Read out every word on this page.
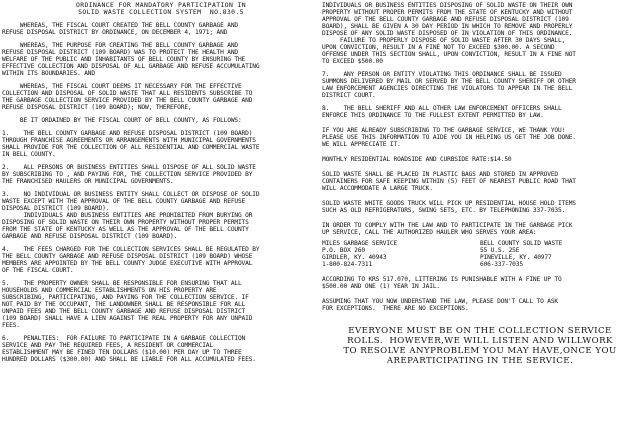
ORDINANCE FOR MANDATORY PARTICIPATION IN

SOLID WASTE COLLECTION SYSTEM  NO.830.5

WHEREAS, THE FISCAL COURT CREATED THE BELL COUNTY GARBAGE AND
REFUSE DISPOSAL DISTRICT BY ORDINANCE, ON DECEMBER 4, 1971; AND

WHEREAS, THE PURPOSE FOR CREATING THE BELL COUNTY GARBAGE AND
REFUSE DISPOSAL DISTRICT (109 BOARD) WAS TO PROTECT THE HEALTH AND
WELFARE OF THE PUBLIC AND INHABITANTS OF BELL COUNTY BY ENSURING THE
EFFECTIVE COLLECTION AND DISPOSAL OF ALL GARBAGE AND REFUSE ACCUMULATING
WITHIN ITS BOUNDARIES. AND

WHEREAS, THE FISCAL COURT DEEMS IT NECESSARY FOR THE EFFECTIVE
COLLECTION AND DISPOSAL OF SOLID WASTE THAT ALL RESIDENTS SUBSCRIBE TO
THE GARBAGE COLLECTION SERVICE PROVIDED BY THE BELL COUNTY GARBAGE AND
REFUSE DISPOSAL DISTRICT (109 BOARD); NOW, THEREFORE,

BE IT ORDAINED BY THE FISCAL COURT OF BELL COUNTY, AS FOLLOWS:

1.    THE BELL COUNTY GARBAGE AND REFUSE DISPOSAL DISTRICT (109 BOARD)
THROUGH FRANCHISE AGREEMENTS OR ARRANGEMENTS WITH MUNICIPAL GOVERNMENTS
SHALL PROVIDE FOR THE COLLECTION OF ALL RESIDENTIAL AND COMMERCIAL WASTE
IN BELL COUNTY.

2.    ALL PERSONS OR BUSINESS ENTITIES SHALL DISPOSE OF ALL SOLID WASTE
BY SUBSCRIBING TO , AND PAYING FOR, THE COLLECTION SERVICE PROVIDED BY
THE FRANCHISED HAULERS OR MUNICIPAL GOVERNMENTS.

3.    NO INDIVIDUAL OR BUSINESS ENTITY SHALL COLLECT OR DISPOSE OF SOLID
WASTE EXCEPT WITH THE APPROVAL OF THE BELL COUNTY GARBAGE AND REFUSE
DISPOSAL DISTRICT (109 BOARD).
INDIVIDUALS AND BUSINESS ENTITIES ARE PROHIBITED FROM BURYING OR
DISPOSING OF SOLID WASTE ON THEIR OWN PROPERTY WITHOUT PROPER PERMITS
FROM THE STATE OF KENTUCKY AS WELL AS THE APPROVAL OF THE BELL COUNTY
GARBAGE AND REFUSE DISPOSAL DISTRICT (109 BOARD).

4.    THE FEES CHARGED FOR THE COLLECTION SERVICES SHALL BE REGULATED BY
THE BELL COUNTY GARBAGE AND REFUSE DISPOSAL DISTRICT (109 BOARD) WHOSE
MEMBERS ARE APPOINTED BY THE BELL COUNTY JUDGE EXECUTIVE WITH APPROVAL
OF THE FISCAL COURT.

5.    THE PROPERTY OWNER SHALL BE RESPONSIBLE FOR ENSURING THAT ALL
HOUSEHOLDS AND COMMERCIAL ESTABLISHMENTS ON HIS PROPERTY ARE
SUBSCRIBING, PARTICIPATING, AND PAYING FOR THE COLLECTION SERVICE. IF
NOT PAID BY THE OCCUPANT, THE LANDOWNER SHALL BE RESPONSIBLE FOR ALL
UNPAID FEES AND THE BELL COUNTY GARBAGE AND REFUSE DISPOSAL DISTRICT
(109 BOARD) SHALL HAVE A LIEN AGAINST THE REAL PROPERTY FOR ANY UNPAID
FEES.

6.    PENALTIES:  FOR FAILURE TO PARTICIPATE IN A GARBAGE COLLECTION
SERVICE AND PAY THE REQUIRED FEES, A RESIDENT OR COMMERCIAL
ESTABLISHMENT MAY BE FINED TEN DOLLARS ($10.00) PER DAY UP TO THREE
HUNDRED DOLLARS ($300.00) AND SHALL BE LIABLE FOR ALL ACCUMULATED FEES.

INDIVIDUALS OR BUSINESS ENTITIES DISPOSING OF SOLID WASTE ON THEIR OWN
PROPERTY WITHOUT PROPER PERMITS FROM THE STATE OF KENTUCKY AND WITHOUT
APPROVAL OF THE BELL COUNTY GARBAGE AND REFUSE DISPOSAL DISTRICT (109
BOARD), SHALL BE GIVEN A 30 DAY PERIOD IN WHICH TO REMOVE AND PROPERLY
DISPOSE OF ANY SOLID WASTE DISPOSED OF IN VIOLATION OF THIS ORDINANCE.
FAILURE TO PROPERLY DISPOSE OF SOLID WASTE AFTER 30 DAYS SHALL,
UPON CONVICTION, RESULT IN A FINE NOT TO EXCEED $300.00. A SECOND
OFFENSE UNDER THIS SECTION SHALL, UPON CONVICTION, RESULT IN A FINE NOT
TO EXCEED $500.00

7.    ANY PERSON OR ENTITY VIOLATING THIS ORDINANCE SHALL BE ISSUED
SUMMONS DELIVERED BY MAIL OR SERVED BY THE BELL COUNTY SHERIFF OR OTHER
LAW ENFORCEMENT AGENCIES DIRECTING THE VIOLATORS TO APPEAR IN THE BELL
DISTRICT COURT.

8.    THE BELL SHERIFF AND ALL OTHER LAW ENFORCEMENT OFFICERS SHALL
ENFORCE THIS ORDINANCE TO THE FULLEST EXTENT PERMITTED BY LAW.

IF YOU ARE ALREADY SUBSCRIBING TO THE GARBAGE SERVICE, WE THANK YOU!
PLEASE USE THIS INFORMATION TO AIDE YOU IN HELPING US GET THE JOB DONE.
WE WILL APPRECIATE IT.

MONTHLY RESIDENTIAL ROADSIDE AND CURBSIDE RATE:$14.50

SOLID WASTE SHALL BE PLACED IN PLASTIC BAGS AND STORED IN APPROVED
CONTAINERS FOR SAFE KEEPING WITHIN (5) FEET OF NEAREST PUBLIC ROAD THAT
WILL ACCOMMODATE A LARGE TRUCK.

SOLID WASTE WHITE GOODS TRUCK WILL PICK UP RESIDENTIAL HOUSE HOLD ITEMS
SUCH AS OLD REFRIGERATORS, SWING SETS, ETC. BY TELEPHONING 337-7035.

IN ORDER TO COMPLY WITH THE LAW AND TO PARTICIPATE IN THE GARBAGE PICK
UP SERVICE, CALL THE AUTHORIZED HAULER WHO SERVES YOUR AREA:

MILES GARBAGE SERVICE

P.O. BOX 260

GIRDLER, KY. 40943

1-800-824-7311

BELL COUNTY SOLID WASTE

55 U.S. 25E

PINEVILLE, KY. 40977

606-337-7035

ACCORDING TO KRS 517.070, LITTERING IS PUNISHABLE WITH A FINE UP TO
$500.00 AND ONE (1) YEAR IN JAIL.

ASSUMING THAT YOU NOW UNDERSTAND THE LAW, PLEASE DON'T CALL TO ASK
FOR EXCEPTIONS.  THERE ARE NO EXCEPTIONS.

EVERYONE MUST BE ON THE COLLECTION SERVICE
ROLLS.  HOWEVER,WE WILL LISTEN AND WILLWORK
TO RESOLVE ANYPROBLEM YOU MAY HAVE,ONCE YOU
AREPARTICIPATING IN THE SERVICE.
